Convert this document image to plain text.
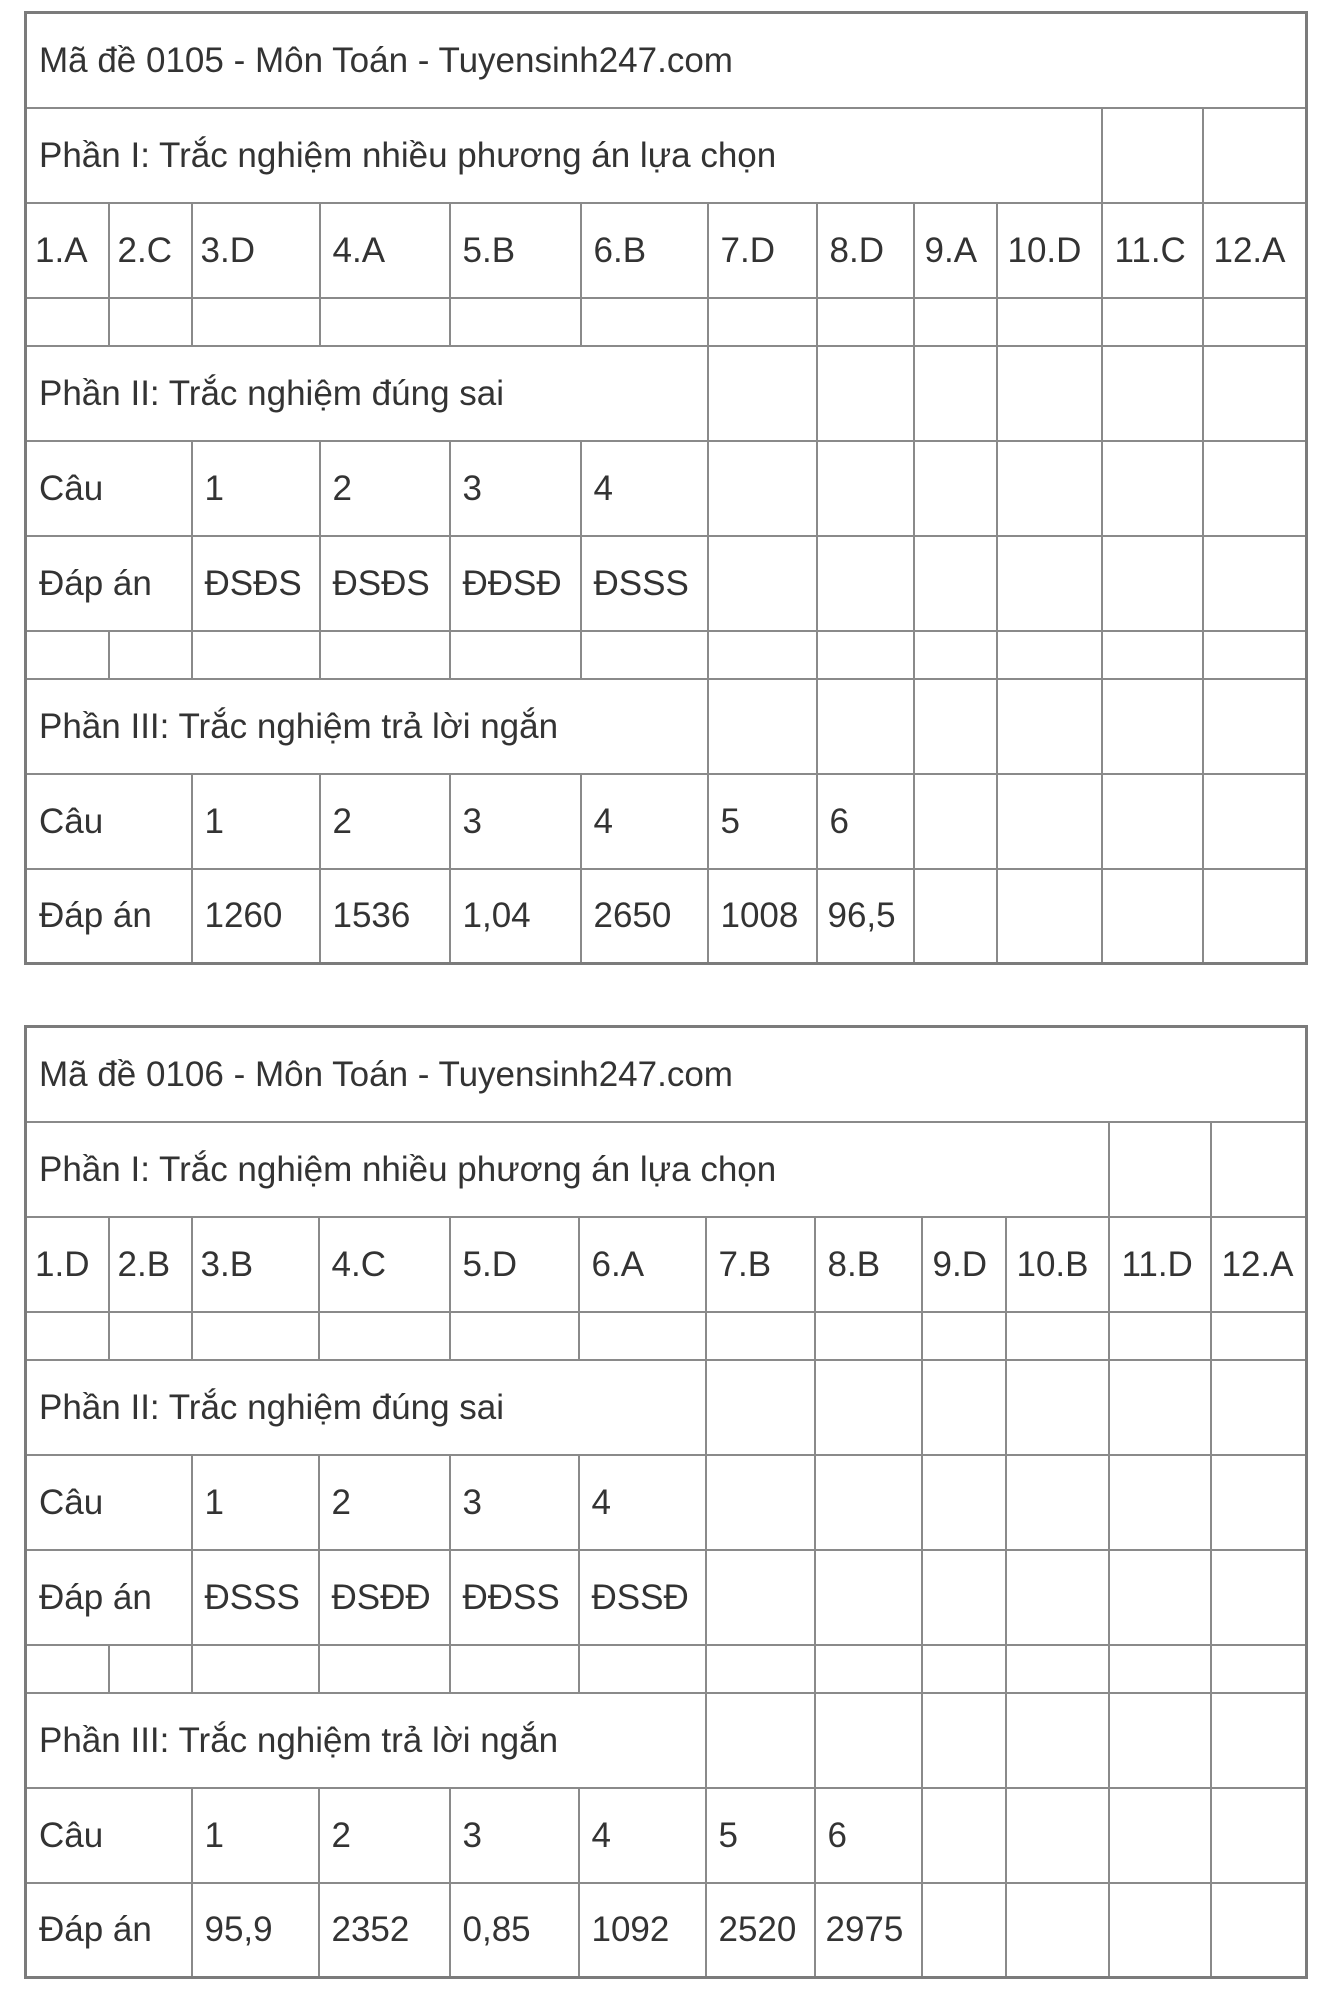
Mã đề 0105 - Môn Toán - Tuyensinh247.com											
Phần I: Trắc nghiệm nhiều phương án lựa chọn											
1.A	2.C	3.D	4.A	5.B	6.B	7.D	8.D	9.A	10.D	11.C	12.A

Phần II: Trắc nghiệm đúng sai											
Câu		1	2	3	4						
Đáp án		ĐSĐS	ĐSĐS	ĐĐSĐ	ĐSSS						

Phần III: Trắc nghiệm trả lời ngắn											
Câu		1	2	3	4	5	6				
Đáp án		1260	1536	1,04	2650	1008	96,5				
Mã đề 0106 - Môn Toán - Tuyensinh247.com											
Phần I: Trắc nghiệm nhiều phương án lựa chọn											
1.D	2.B	3.B	4.C	5.D	6.A	7.B	8.B	9.D	10.B	11.D	12.A

Phần II: Trắc nghiệm đúng sai											
Câu		1	2	3	4						
Đáp án		ĐSSS	ĐSĐĐ	ĐĐSS	ĐSSĐ						

Phần III: Trắc nghiệm trả lời ngắn											
Câu		1	2	3	4	5	6				
Đáp án		95,9	2352	0,85	1092	2520	2975				
